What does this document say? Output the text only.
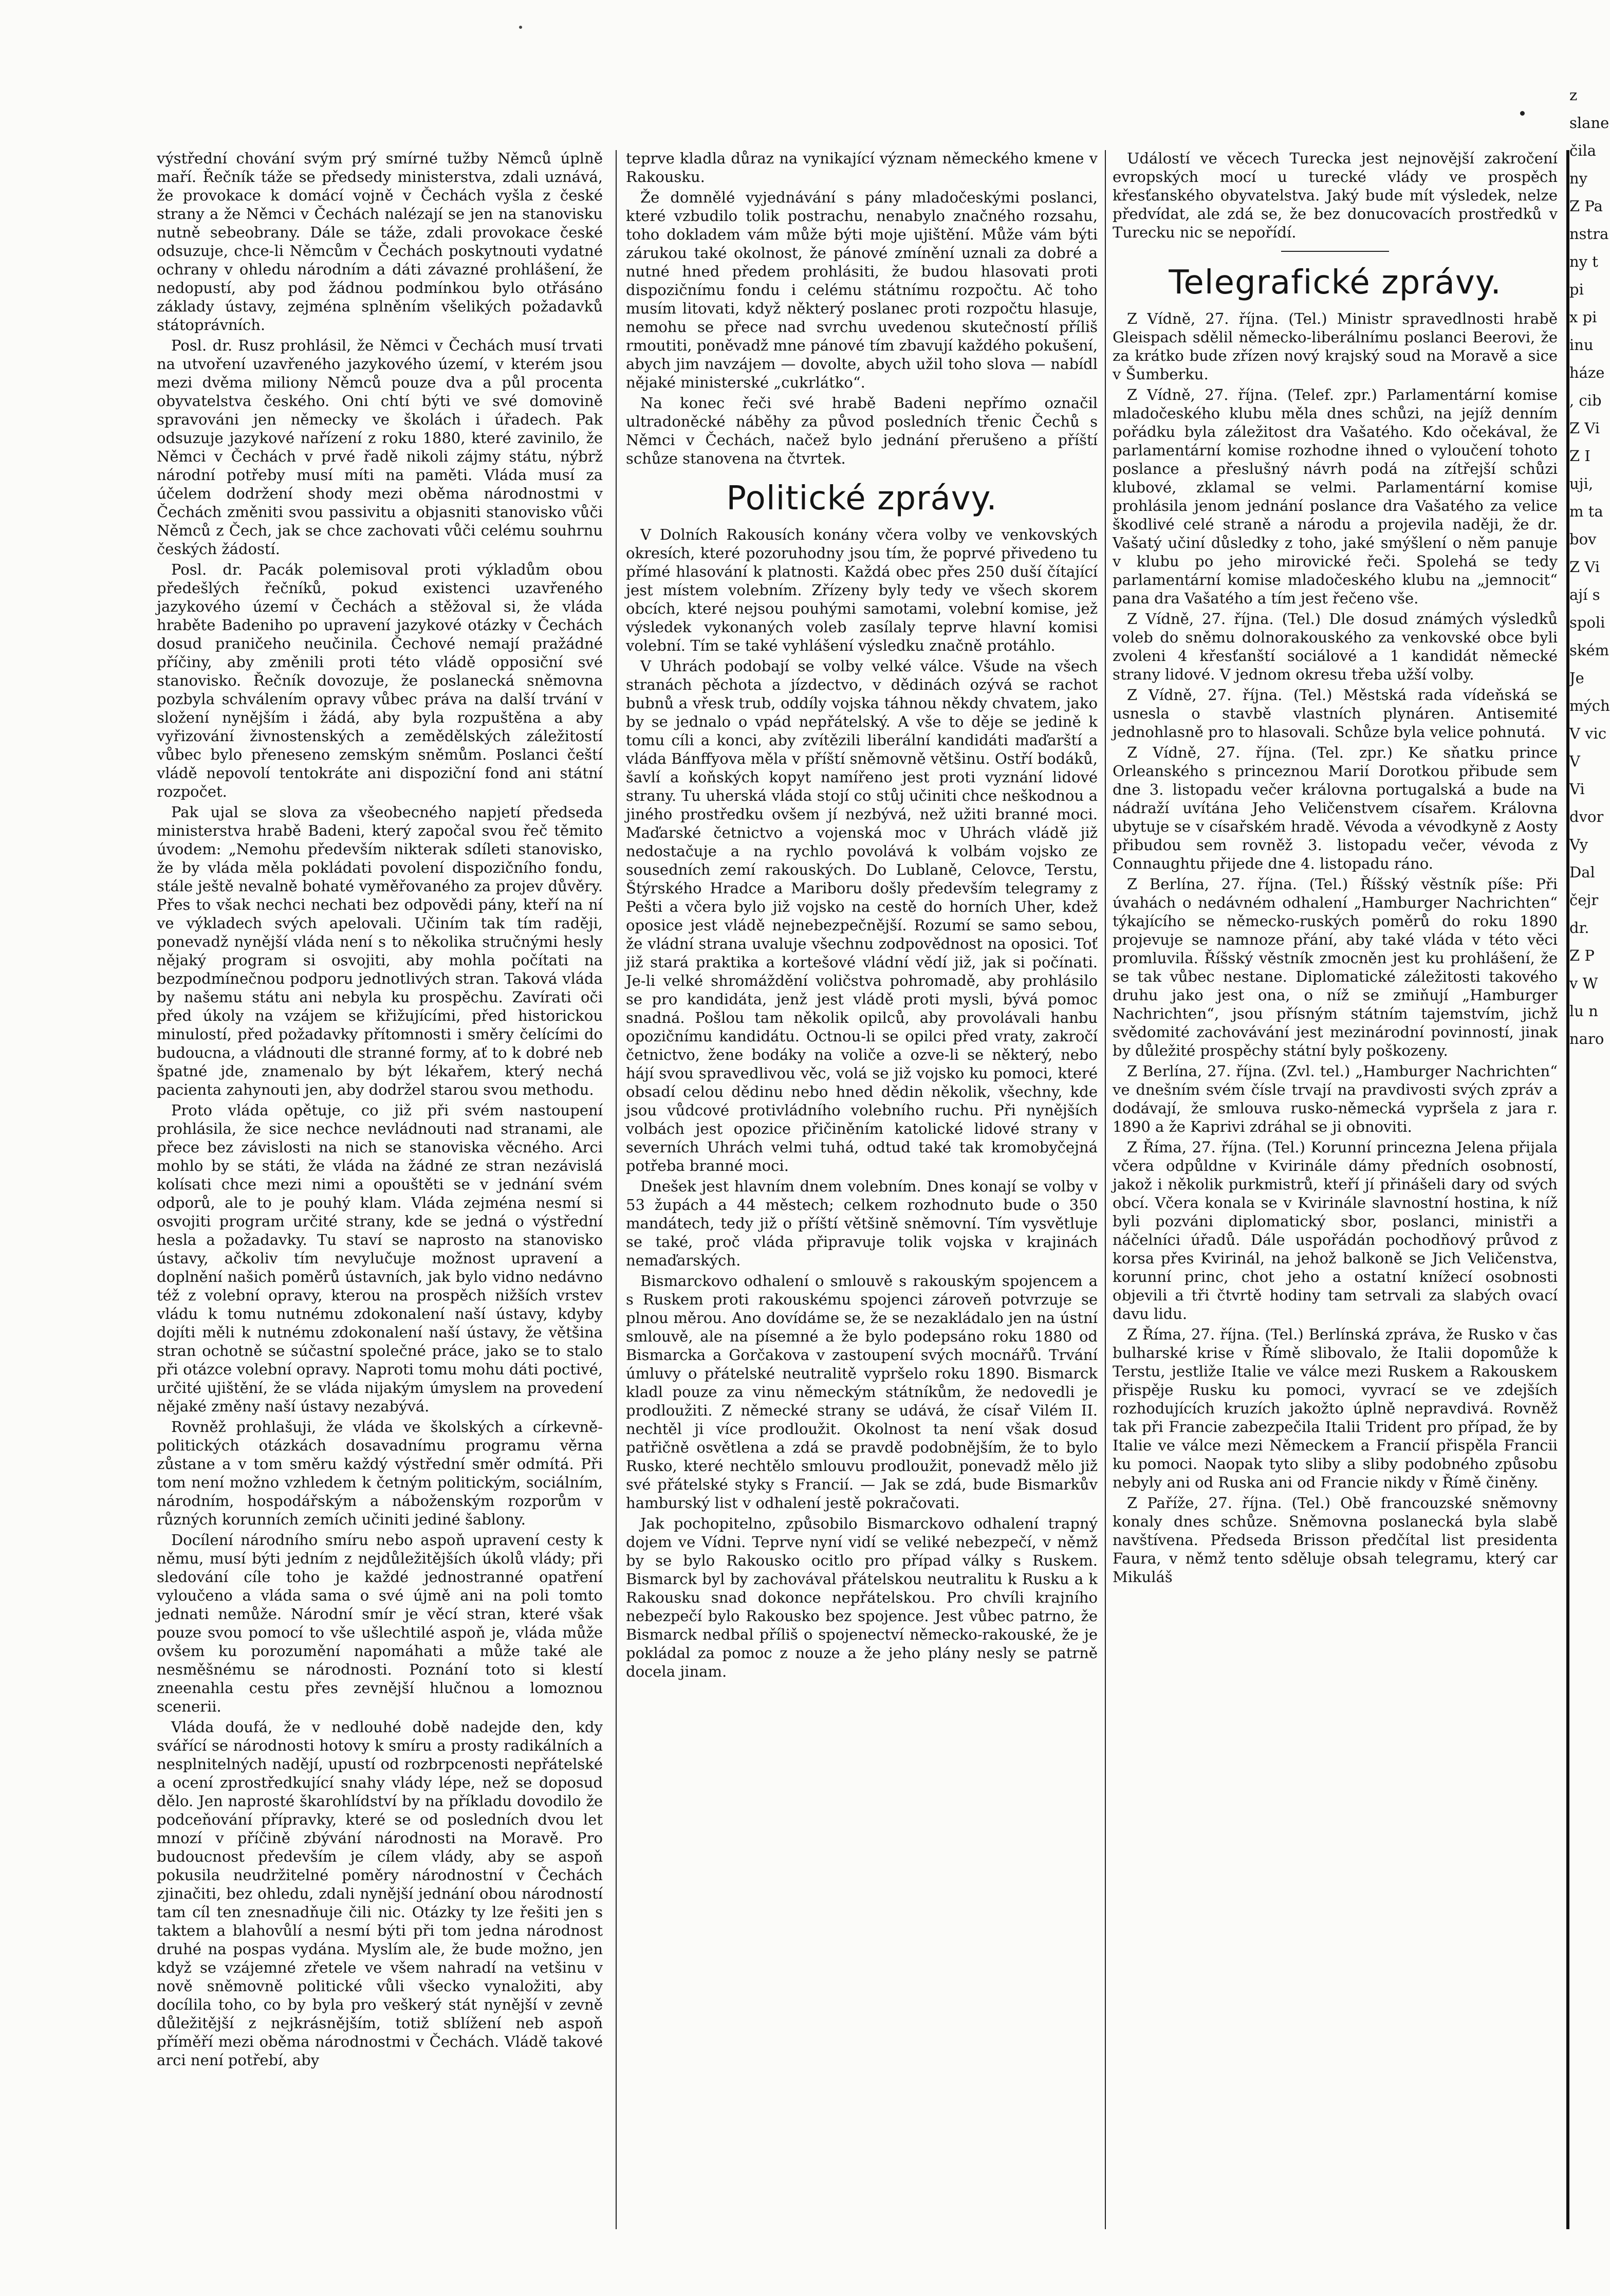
výstřední chování svým prý smírné tužby Němců úplně maří. Řečník táže se předsedy ministerstva, zdali uznává, že provokace k domácí vojně v Čechách vyšla z české strany a že Němci v Čechách nalézají se jen na stanovisku nutně sebeobrany. Dále se táže, zdali provokace české odsuzuje, chce-li Němcům v Čechách poskytnouti vydatné ochrany v ohledu národním a dáti závazné prohlášení, že nedopustí, aby pod žádnou podmínkou bylo otřásáno základy ústavy, zejména splněním všelikých požadavků státoprávních.

Posl. dr. Rusz prohlásil, že Němci v Čechách musí trvati na utvoření uzavřeného jazykového území, v kterém jsou mezi dvěma miliony Němců pouze dva a půl procenta obyvatelstva českého. Oni chtí býti ve své domovině spravováni jen německy ve školách i úřadech. Pak odsuzuje jazykové nařízení z roku 1880, které zavinilo, že Němci v Čechách v prvé řadě nikoli zájmy státu, nýbrž národní potřeby musí míti na paměti. Vláda musí za účelem dodržení shody mezi oběma národnostmi v Čechách změniti svou passivitu a objasniti stanovisko vůči Němců z Čech, jak se chce zachovati vůči celému souhrnu českých žádostí.

Posl. dr. Pacák polemisoval proti výkladům obou předešlých řečníků, pokud existenci uzavřeného jazykového území v Čechách a stěžoval si, že vláda hraběte Badeniho po upravení jazykové otázky v Čechách dosud praničeho neučinila. Čechové nemají pražádné příčiny, aby změnili proti této vládě opposiční své stanovisko. Řečník dovozuje, že poslanecká sněmovna pozbyla schválením opravy vůbec práva na další trvání v složení nynějším i žádá, aby byla rozpuštěna a aby vyřizování živnostenských a zemědělských záležitostí vůbec bylo přeneseno zemským sněmům. Poslanci čeští vládě nepovolí tentokráte ani dispoziční fond ani státní rozpočet.

Pak ujal se slova za všeobecného napjetí předseda ministerstva hrabě Badeni, který započal svou řeč těmito úvodem: „Nemohu především nikterak sdíleti stanovisko, že by vláda měla pokládati povolení dispozičního fondu, stále ještě nevalně bohaté vyměřovaného za projev důvěry. Přes to však nechci nechati bez odpovědi pány, kteří na ní ve výkladech svých apelovali. Učiním tak tím raději, ponevadž nynější vláda není s to několika stručnými hesly nějaký program si osvojiti, aby mohla počítati na bezpodmínečnou podporu jednotlivých stran. Taková vláda by našemu státu ani nebyla ku prospěchu. Zavírati oči před úkoly na vzájem se křižujícími, před historickou minulostí, před požadavky přítomnosti i směry čelícími do budoucna, a vládnouti dle stranné formy, ať to k dobré neb špatné jde, znamenalo by být lékařem, který nechá pacienta zahynouti jen, aby dodržel starou svou methodu.

Proto vláda opětuje, co již při svém nastoupení prohlásila, že sice nechce nevládnouti nad stranami, ale přece bez závislosti na nich se stanoviska věcného. Arci mohlo by se státi, že vláda na žádné ze stran nezávislá kolísati chce mezi nimi a opouštěti se v jednání svém odporů, ale to je pouhý klam. Vláda zejména nesmí si osvojiti program určité strany, kde se jedná o výstřední hesla a požadavky. Tu staví se naprosto na stanovisko ústavy, ačkoliv tím nevylučuje možnost upravení a doplnění našich poměrů ústavních, jak bylo vidno nedávno též z volební opravy, kterou na prospěch nižších vrstev vládu k tomu nutnému zdokonalení naší ústavy, kdyby dojíti měli k nutnému zdokonalení naší ústavy, že většina stran ochotně se súčastní společné práce, jako se to stalo při otázce volební opravy. Naproti tomu mohu dáti poctivé, určité ujištění, že se vláda nijakým úmyslem na provedení nějaké změny naší ústavy nezabývá.

Rovněž prohlašuji, že vláda ve školských a církevně-politických otázkách dosavadnímu programu věrna zůstane a v tom směru každý výstřední směr odmítá. Při tom není možno vzhledem k četným politickým, sociálním, národním, hospodářským a náboženským rozporům v různých korunních zemích učiniti jediné šablony.

Docílení národního smíru nebo aspoň upravení cesty k němu, musí býti jedním z nejdůležitějších úkolů vlády; při sledování cíle toho je každé jednostranné opatření vyloučeno a vláda sama o své újmě ani na poli tomto jednati nemůže. Národní smír je věcí stran, které však pouze svou pomocí to vše ušlechtilé aspoň je, vláda může ovšem ku porozumění napomáhati a může také ale nesměšnému se národnosti. Poznání toto si klestí zneenahla cestu přes zevnější hlučnou a lomoznou scenerii.

Vláda doufá, že v nedlouhé době nadejde den, kdy svářící se národnosti hotovy k smíru a prosty radikálních a nesplnitelných nadějí, upustí od rozbrpcenosti nepřátelské a ocení zprostředkující snahy vlády lépe, než se doposud dělo. Jen naprosté škarohlídství by na příkladu dovodilo že podceňování přípravky, které se od posledních dvou let mnozí v příčině zbývání národnosti na Moravě. Pro budoucnost především je cílem vlády, aby se aspoň pokusila neudržitelné poměry národnostní v Čechách zjinačiti, bez ohledu, zdali nynější jednání obou národností tam cíl ten znesnadňuje čili nic. Otázky ty lze řešiti jen s taktem a blahovůlí a nesmí býti při tom jedna národnost druhé na pospas vydána. Myslím ale, že bude možno, jen když se vzájemné zřetele ve všem nahradí na vetšinu v nově sněmovně politické vůli všecko vynaložiti, aby docílila toho, co by byla pro veškerý stát nynější v zevně důležitější z nejkrásnějším, totiž sblížení neb aspoň příměří mezi oběma národnostmi v Čechách. Vládě takové arci není potřebí, aby

teprve kladla důraz na vynikající význam německého kmene v Rakousku.

Že domnělé vyjednávání s pány mladočeskými poslanci, které vzbudilo tolik postrachu, nenabylo značného rozsahu, toho dokladem vám může býti moje ujištění. Může vám býti zárukou také okolnost, že pánové zmínění uznali za dobré a nutné hned předem prohlásiti, že budou hlasovati proti dispozičnímu fondu i celému státnímu rozpočtu. Ač toho musím litovati, když některý poslanec proti rozpočtu hlasuje, nemohu se přece nad svrchu uvedenou skutečností příliš rmoutiti, poněvadž mne pánové tím zbavují každého pokušení, abych jim navzájem — dovolte, abych užil toho slova — nabídl nějaké ministerské „cukrlátko“.

Na konec řeči své hrabě Badeni nepřímo označil ultradoněcké náběhy za původ posledních třenic Čechů s Němci v Čechách, načež bylo jednání přerušeno a příští schůze stanovena na čtvrtek.

Politické zprávy.

V Dolních Rakousích konány včera volby ve venkovských okresích, které pozoruhodny jsou tím, že poprvé přivedeno tu přímé hlasování k platnosti. Každá obec přes 250 duší čítající jest místem volebním. Zřízeny byly tedy ve všech skorem obcích, které nejsou pouhými samotami, volební komise, jež výsledek vykonaných voleb zasílaly teprve hlavní komisi volební. Tím se také vyhlášení výsledku značně protáhlo.

V Uhrách podobají se volby velké válce. Všude na všech stranách pěchota a jízdectvo, v dědinách ozývá se rachot bubnů a vřesk trub, oddíly vojska táhnou někdy chvatem, jako by se jednalo o vpád nepřátelský. A vše to děje se jedině k tomu cíli a konci, aby zvítězili liberální kandidáti maďarští a vláda Bánffyova měla v příští sněmovně většinu. Ostří bodáků, šavlí a koňských kopyt namířeno jest proti vyznání lidové strany. Tu uherská vláda stojí co stůj učiniti chce neškodnou a jiného prostředku ovšem jí nezbývá, než užiti branné moci. Maďarské četnictvo a vojenská moc v Uhrách vládě již nedostačuje a na rychlo povolává k volbám vojsko ze sousedních zemí rakouských. Do Lublaně, Celovce, Terstu, Štýrského Hradce a Mariboru došly především telegramy z Pešti a včera bylo již vojsko na cestě do horních Uher, kdež oposice jest vládě nejnebezpečnější. Rozumí se samo sebou, že vládní strana uvaluje všechnu zodpovědnost na oposici. Toť již stará praktika a kortešové vládní vědí již, jak si počínati. Je-li velké shromáždění voličstva pohromadě, aby prohlásilo se pro kandidáta, jenž jest vládě proti mysli, bývá pomoc snadná. Pošlou tam několik opilců, aby provolávali hanbu opozičnímu kandidátu. Octnou-li se opilci před vraty, zakročí četnictvo, žene bodáky na voliče a ozve-li se některý, nebo hájí svou spravedlivou věc, volá se již vojsko ku pomoci, které obsadí celou dědinu nebo hned dědin několik, všechny, kde jsou vůdcové protivládního volebního ruchu. Při nynějších volbách jest opozice přičiněním katolické lidové strany v severních Uhrách velmi tuhá, odtud také tak kromobyčejná potřeba branné moci.

Dnešek jest hlavním dnem volebním. Dnes konají se volby v 53 župách a 44 městech; celkem rozhodnuto bude o 350 mandátech, tedy již o příští většině sněmovní. Tím vysvětluje se také, proč vláda připravuje tolik vojska v krajinách nemaďarských.

Bismarckovo odhalení o smlouvě s rakouským spojencem a s Ruskem proti rakouskému spojenci zároveň potvrzuje se plnou měrou. Ano dovídáme se, že se nezakládalo jen na ústní smlouvě, ale na písemné a že bylo podepsáno roku 1880 od Bismarcka a Gorčakova v zastoupení svých mocnářů. Trvání úmluvy o přátelské neutralitě vypršelo roku 1890. Bismarck kladl pouze za vinu německým státníkům, že nedovedli je prodloužiti. Z německé strany se udává, že císař Vilém II. nechtěl ji více prodloužit. Okolnost ta není však dosud patřičně osvětlena a zdá se pravdě podobnějším, že to bylo Rusko, které nechtělo smlouvu prodloužit, ponevadž mělo již své přátelské styky s Francií. — Jak se zdá, bude Bismarkův hamburský list v odhalení jestě pokračovati.

Jak pochopitelno, způsobilo Bismarckovo odhalení trapný dojem ve Vídni. Teprve nyní vidí se veliké nebezpečí, v němž by se bylo Rakousko ocitlo pro případ války s Ruskem. Bismarck byl by zachovával přátelskou neutralitu k Rusku a k Rakousku snad dokonce nepřátelskou. Pro chvíli krajního nebezpečí bylo Rakousko bez spojence. Jest vůbec patrno, že Bismarck nedbal příliš o spojenectví německo-rakouské, že je pokládal za pomoc z nouze a že jeho plány nesly se patrně docela jinam.

Událostí ve věcech Turecka jest nejnovější zakročení evropských mocí u turecké vlády ve prospěch křesťanského obyvatelstva. Jaký bude mít výsledek, nelze předvídat, ale zdá se, že bez donucovacích prostředků v Turecku nic se nepořídí.

Telegrafické zprávy.

Z Vídně, 27. října. (Tel.) Ministr spravedlnosti hrabě Gleispach sdělil německo-liberálnímu poslanci Beerovi, že za krátko bude zřízen nový krajský soud na Moravě a sice v Šumberku.

Z Vídně, 27. října. (Telef. zpr.) Parlamentární komise mladočeského klubu měla dnes schůzi, na jejíž denním pořádku byla záležitost dra Vašatého. Kdo očekával, že parlamentární komise rozhodne ihned o vyloučení tohoto poslance a přeslušný návrh podá na zítřejší schůzi klubové, zklamal se velmi. Parlamentární komise prohlásila jenom jednání poslance dra Vašatého za velice škodlivé celé straně a národu a projevila naději, že dr. Vašatý učiní důsledky z toho, jaké smýšlení o něm panuje v klubu po jeho mirovické řeči. Spolehá se tedy parlamentární komise mladočeského klubu na „jemnocit“ pana dra Vašatého a tím jest řečeno vše.

Z Vídně, 27. října. (Tel.) Dle dosud známých výsledků voleb do sněmu dolnorakouského za venkovské obce byli zvoleni 4 křesťanští sociálové a 1 kandidát německé strany lidové. V jednom okresu třeba užší volby.

Z Vídně, 27. října. (Tel.) Městská rada vídeňská se usnesla o stavbě vlastních plynáren. Antisemité jednohlasně pro to hlasovali. Schůze byla velice pohnutá.

Z Vídně, 27. října. (Tel. zpr.) Ke sňatku prince Orleanského s princeznou Marií Dorotkou přibude sem dne 3. listopadu večer královna portugalská a bude na nádraží uvítána Jeho Veličenstvem císařem. Královna ubytuje se v císařském hradě. Vévoda a vévodkyně z Aosty přibudou sem rovněž 3. listopadu večer, vévoda z Connaughtu přijede dne 4. listopadu ráno.

Z Berlína, 27. října. (Tel.) Říšský věstník píše: Při úvahách o nedávném odhalení „Hamburger Nachrichten“ týkajícího se německo-ruských poměrů do roku 1890 projevuje se namnoze přání, aby také vláda v této věci promluvila. Říšský věstník zmocněn jest ku prohlášení, že se tak vůbec nestane. Diplomatické záležitosti takového druhu jako jest ona, o níž se zmiňují „Hamburger Nachrichten“, jsou přísným státním tajemstvím, jichž svědomité zachovávání jest mezinárodní povinností, jinak by důležité prospěchy státní byly poškozeny.

Z Berlína, 27. října. (Zvl. tel.) „Hamburger Nachrichten“ ve dnešním svém čísle trvají na pravdivosti svých zpráv a dodávají, že smlouva rusko-německá vypršela z jara r. 1890 a že Kaprivi zdráhal se ji obnoviti.

Z Říma, 27. října. (Tel.) Korunní princezna Jelena přijala včera odpůldne v Kvirinále dámy předních osobností, jakož i několik purkmistrů, kteří jí přinášeli dary od svých obcí. Včera konala se v Kvirinále slavnostní hostina, k níž byli pozváni diplomatický sbor, poslanci, ministři a náčelníci úřadů. Dále uspořádán pochodňový průvod z korsa přes Kvirinál, na jehož balkoně se Jich Veličenstva, korunní princ, chot jeho a ostatní knížecí osobnosti objevili a tři čtvrtě hodiny tam setrvali za slabých ovací davu lidu.

Z Říma, 27. října. (Tel.) Berlínská zpráva, že Rusko v čas bulharské krise v Římě slibovalo, že Italii dopomůže k Terstu, jestliže Italie ve válce mezi Ruskem a Rakouskem přispěje Rusku ku pomoci, vyvrací se ve zdejších rozhodujících kruzích jakožto úplně nepravdivá. Rovněž tak při Francie zabezpečila Italii Trident pro případ, že by Italie ve válce mezi Německem a Francií přispěla Francii ku pomoci. Naopak tyto sliby a sliby podobného způsobu nebyly ani od Ruska ani od Francie nikdy v Římě činěny.

Z Paříže, 27. října. (Tel.) Obě francouzské sněmovny konaly dnes schůze. Sněmovna poslanecká byla slabě navštívena. Předseda Brisson předčítal list presidenta Faura, v němž tento sděluje obsah telegramu, který car Mikuláš

z
slane
čila
ny
Z Pa
nstra
ny t
pi
x pi
inu
háze
, cib
Z Vi
Z I
uji,
m ta
bov
Z Vi
ají s
spoli
ském
Je
mých
V vic
V
Vi
dvor
Vy
Dal
čejr
dr.
Z P
v W
lu n
naro
